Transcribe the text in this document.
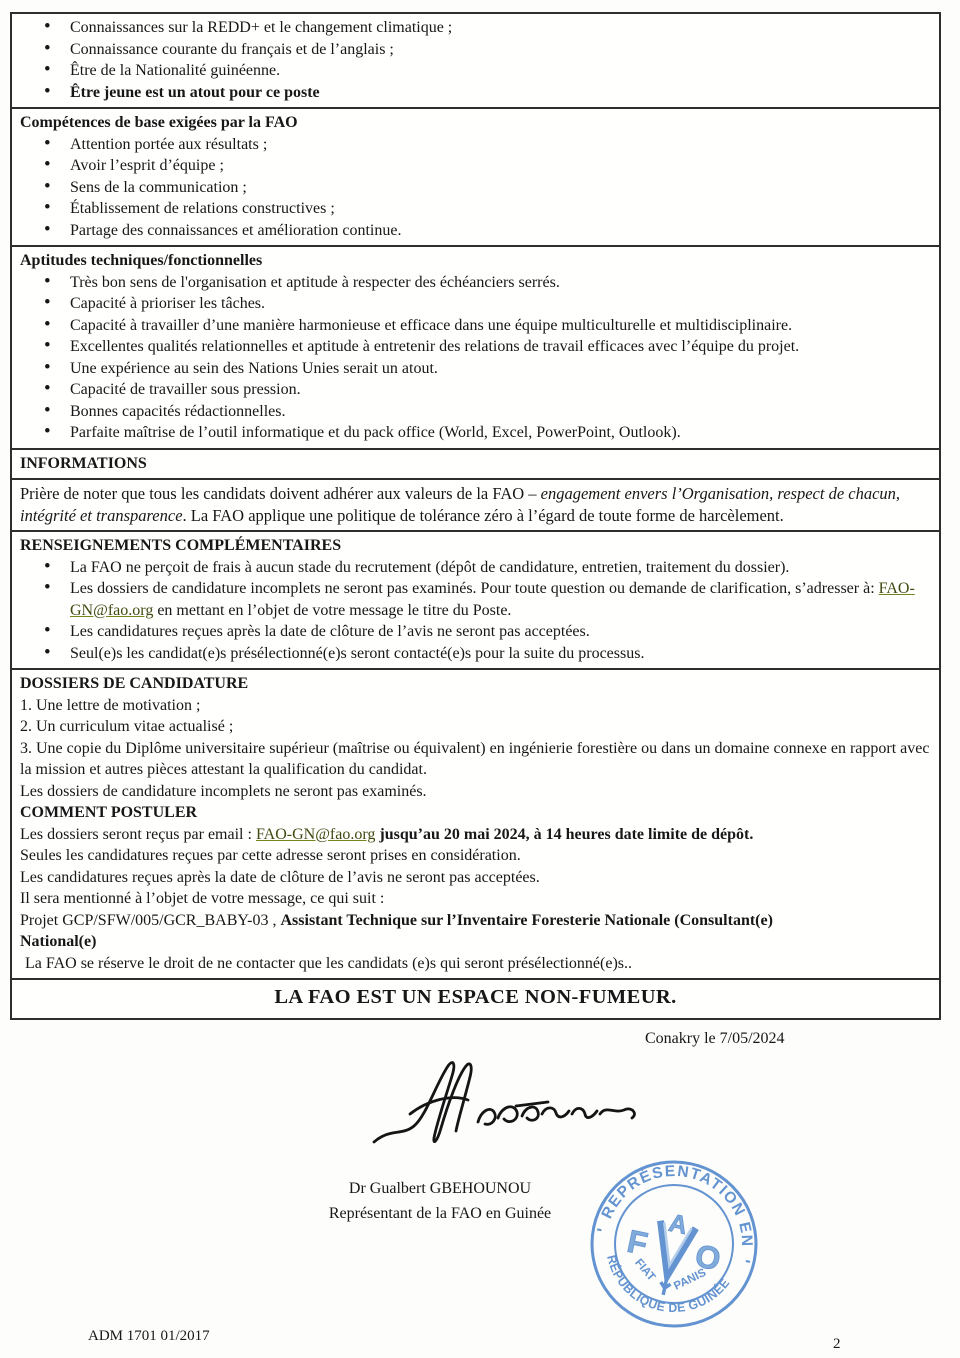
• Connaissances sur la REDD+ et le changement climatique ;
• Connaissance courante du français et de l’anglais ;
• Être de la Nationalité guinéenne.
• Être jeune est un atout pour ce poste
Compétences de base exigées par la FAO
• Attention portée aux résultats ;
• Avoir l’esprit d’équipe ;
• Sens de la communication ;
• Établissement de relations constructives ;
• Partage des connaissances et amélioration continue.
Aptitudes techniques/fonctionnelles
• Très bon sens de l'organisation et aptitude à respecter des échéanciers serrés.
• Capacité à prioriser les tâches.
• Capacité à travailler d’une manière harmonieuse et efficace dans une équipe multiculturelle et multidisciplinaire.
• Excellentes qualités relationnelles et aptitude à entretenir des relations de travail efficaces avec l’équipe du projet.
• Une expérience au sein des Nations Unies serait un atout.
• Capacité de travailler sous pression.
• Bonnes capacités rédactionnelles.
• Parfaite maîtrise de l’outil informatique et du pack office (World, Excel, PowerPoint, Outlook).
INFORMATIONS

Prière de noter que tous les candidats doivent adhérer aux valeurs de la FAO – engagement envers l’Organisation, respect de chacun, intégrité et transparence. La FAO applique une politique de tolérance zéro à l’égard de toute forme de harcèlement.

RENSEIGNEMENTS COMPLÉMENTAIRES
• La FAO ne perçoit de frais à aucun stade du recrutement (dépôt de candidature, entretien, traitement du dossier).
• Les dossiers de candidature incomplets ne seront pas examinés. Pour toute question ou demande de clarification, s’adresser à: FAO-GN@fao.org en mettant en l’objet de votre message le titre du Poste.
• Les candidatures reçues après la date de clôture de l’avis ne seront pas acceptées.
• Seul(e)s les candidat(e)s présélectionné(e)s seront contacté(e)s pour la suite du processus.
DOSSIERS DE CANDIDATURE

1. Une lettre de motivation ;

2. Un curriculum vitae actualisé ;

3. Une copie du Diplôme universitaire supérieur (maîtrise ou équivalent) en ingénierie forestière ou dans un domaine connexe en rapport avec la mission et autres pièces attestant la qualification du candidat.

Les dossiers de candidature incomplets ne seront pas examinés.

COMMENT POSTULER

Les dossiers seront reçus par email : FAO-GN@fao.org jusqu’au 20 mai 2024, à 14 heures date limite de dépôt.

Seules les candidatures reçues par cette adresse seront prises en considération.

Les candidatures reçues après la date de clôture de l’avis ne seront pas acceptées.

Il sera mentionné à l’objet de votre message, ce qui suit :

Projet GCP/SFW/005/GCR_BABY-03 , Assistant Technique sur l’Inventaire Foresterie Nationale (Consultant(e)
National(e)

La FAO se réserve le droit de ne contacter que les candidats (e)s qui seront présélectionné(e)s..

LA FAO EST UN ESPACE NON-FUMEUR.
Conakry le 7/05/2024
Dr Gualbert GBEHOUNOU
Représentant de la FAO en Guinée	REPRÉSENTATION EN
RÉPUBLIQUE DE GUINÉE
-
-
F A
O
FIAT PANIS
ADM 1701 01/2017	2
